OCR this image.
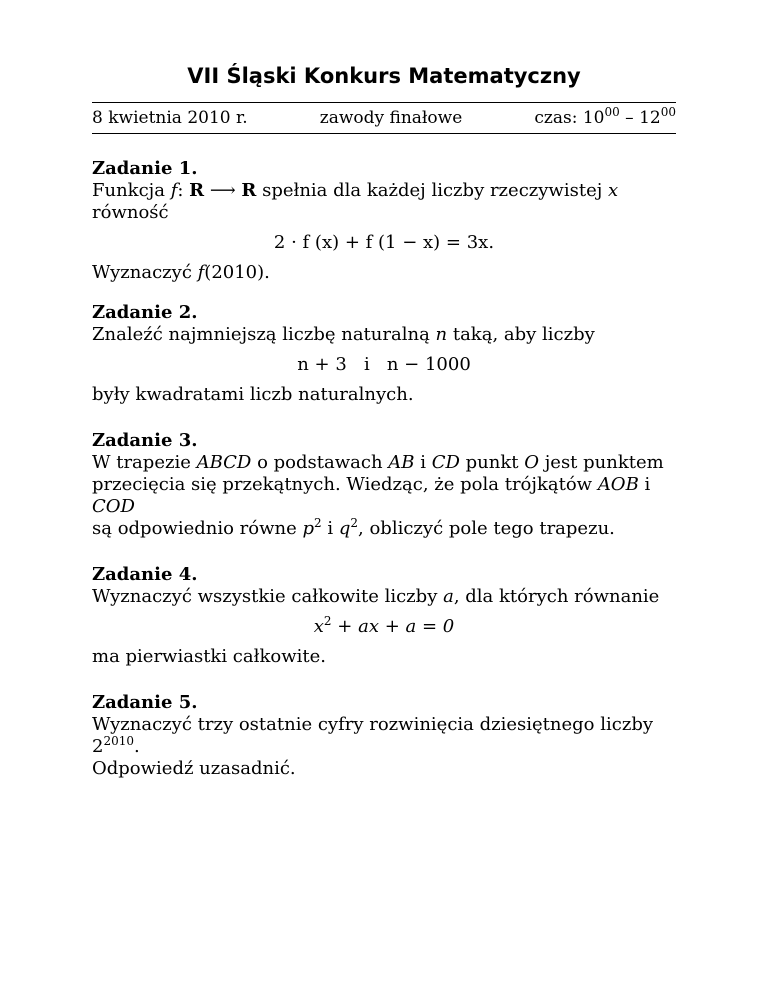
VII Śląski Konkurs Matematyczny
8 kwietnia 2010 r.	zawody finałowe	czas: $10^{00} - 12^{00}$
Zadanie 1.
Funkcja f: R ⟶ R spełnia dla każdej liczby rzeczywistej x równość
2 · f (x) + f (1 − x) = 3x.
Wyznaczyć f(2010).
Zadanie 2.
Znaleźć najmniejszą liczbę naturalną n taką, aby liczby
n + 3   i   n − 1000
były kwadratami liczb naturalnych.
Zadanie 3.
W trapezie ABCD o podstawach AB i CD punkt O jest punktem
przecięcia się przekątnych. Wiedząc, że pola trójkątów AOB i COD
są odpowiednio równe $p^2$ i $q^2$, obliczyć pole tego trapezu.
Zadanie 4.
Wyznaczyć wszystkie całkowite liczby a, dla których równanie
$x^2$ + ax + a = 0
ma pierwiastki całkowite.
Zadanie 5.
Wyznaczyć trzy ostatnie cyfry rozwinięcia dziesiętnego liczby $2^{2010}$.
Odpowiedź uzasadnić.
